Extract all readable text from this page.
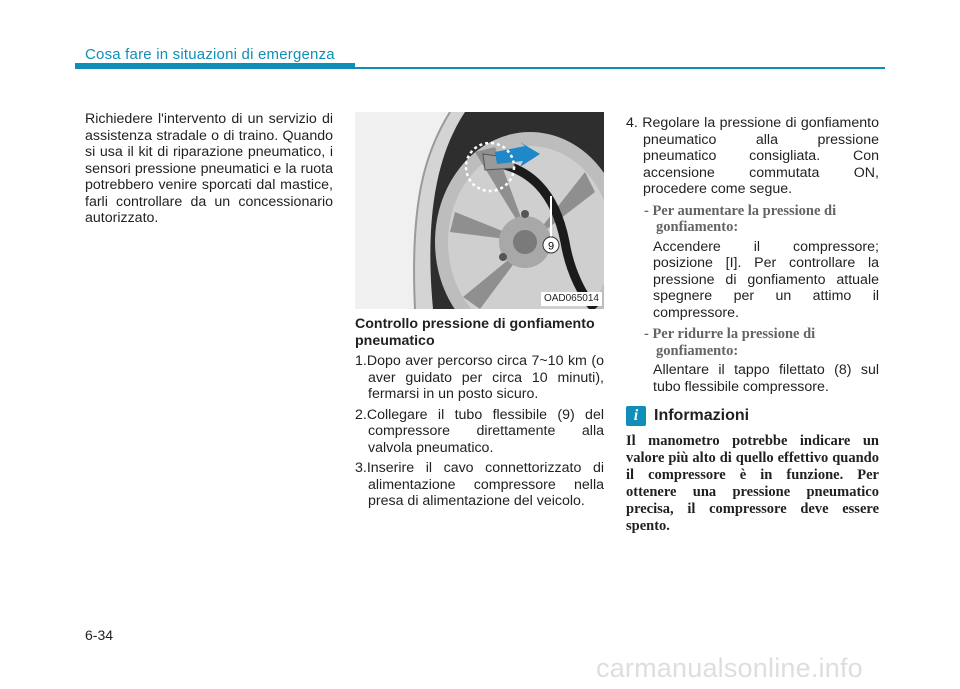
Cosa fare in situazioni di emergenza
Richiedere l'intervento di un servizio di assistenza stradale o di traino. Quando si usa il kit di riparazione pneumatico, i sensori pressione pneumatici e la ruota potrebbero venire sporcati dal mastice, farli controllare da un concessionario autorizzato.
9
OAD065014
Controllo pressione di gonfiamento pneumatico
1.Dopo aver percorso circa 7~10 km (o aver guidato per circa 10 minuti), fermarsi in un posto sicuro.
2.Collegare il tubo flessibile (9) del compressore direttamente alla valvola pneumatico.
3.Inserire il cavo connettorizzato di alimentazione compressore nella presa di alimentazione del veicolo.
4. Regolare la pressione di gonfiamento pneumatico alla pressione pneumatico consigliata. Con accensione commutata ON, procedere come segue.
- Per aumentare la pressione di gonfiamento:
Accendere il compressore; posizione [I]. Per controllare la pressione di gonfiamento attuale spegnere per un attimo il compressore.
- Per ridurre la pressione di gonfiamento:
Allentare il tappo filettato (8) sul tubo flessibile compressore.
i Informazioni
Il manometro potrebbe indicare un valore più alto di quello effettivo quando il compressore è in funzione. Per ottenere una pressione pneumatico precisa, il compressore deve essere spento.
6-34
carmanualsonline.info
